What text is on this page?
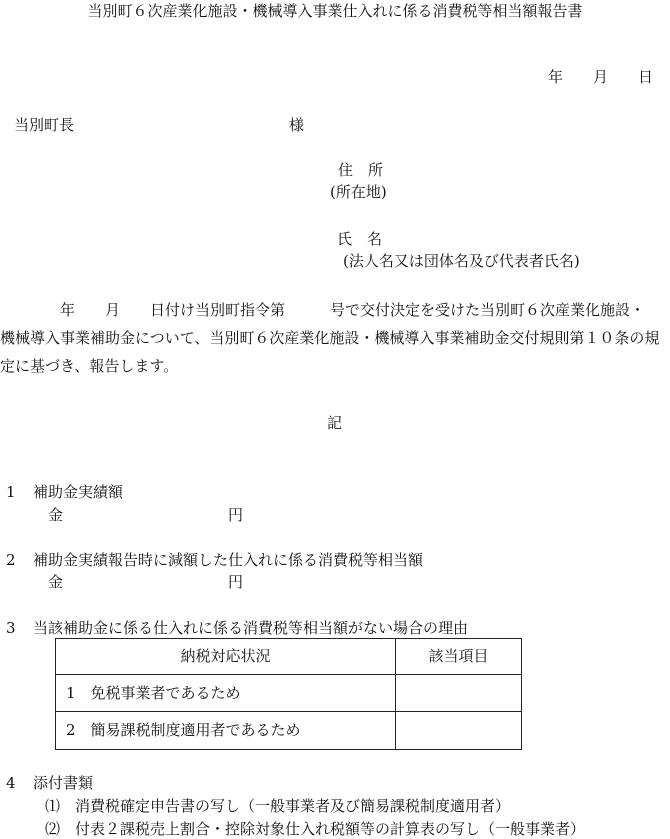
当別町６次産業化施設・機械導入事業仕入れに係る消費税等相当額報告書
年　　月　　日
当別町長	様
住　所
(所在地)
氏　名
(法人名又は団体名及び代表者氏名)
　　　　年　　月　　日付け当別町指令第　　　号で交付決定を受けた当別町６次産業化施設・
機械導入事業補助金について、当別町６次産業化施設・機械導入事業補助金交付規則第１０条の規
定に基づき、報告します。
記
1 補助金実績額
金	円
2 補助金実績報告時に減額した仕入れに係る消費税等相当額
金	円
3 当該補助金に係る仕入れに係る消費税等相当額がない場合の理由
納税対応状況	該当項目
1　免税事業者であるため	
2　簡易課税制度適用者であるため	
4 添付書類
⑴　消費税確定申告書の写し（一般事業者及び簡易課税制度適用者）
⑵　付表２課税売上割合・控除対象仕入れ税額等の計算表の写し（一般事業者）
